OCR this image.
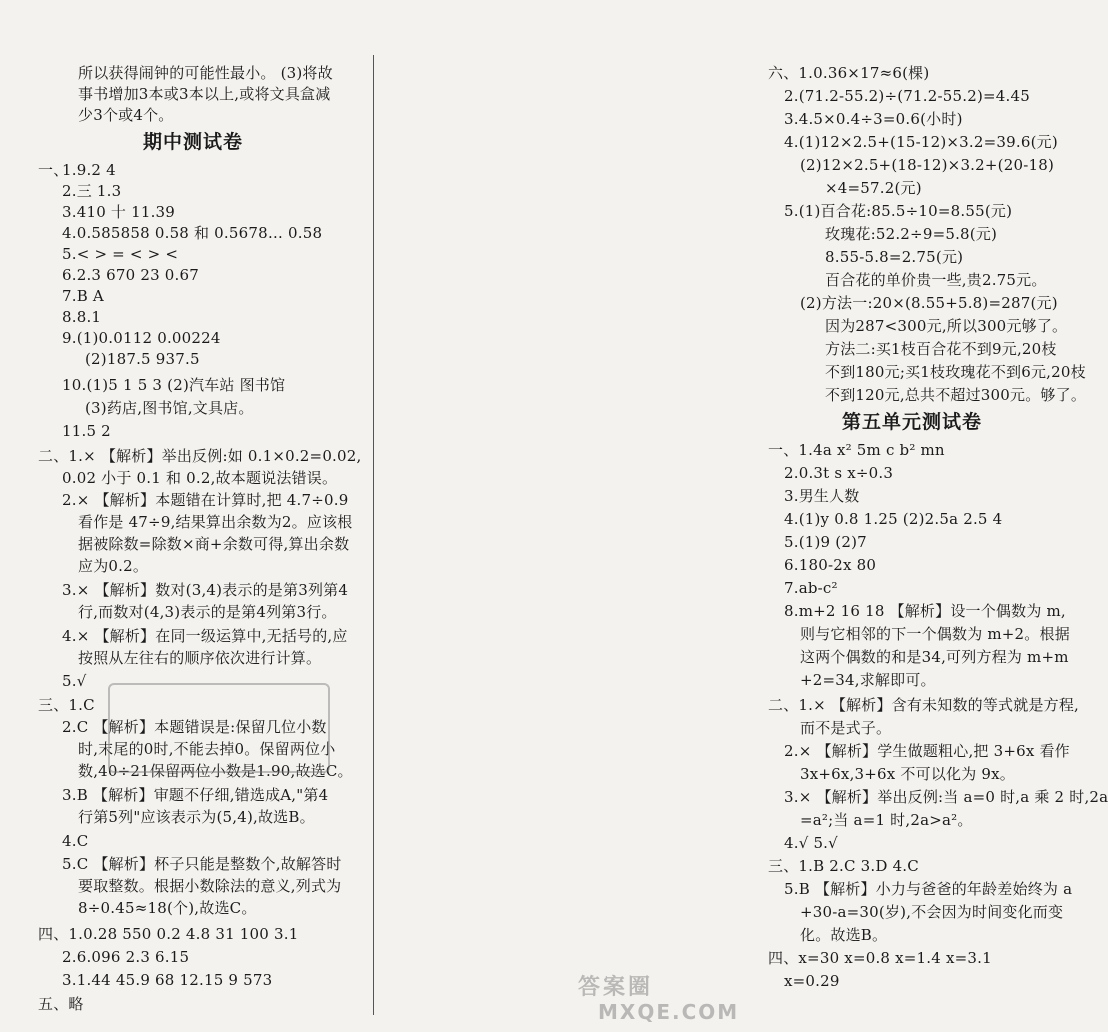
所以获得闹钟的可能性最小。 (3)将故
事书增加3本或3本以上,或将文具盒减
少3个或4个。
期中测试卷
一、
1.9.2 4
2.三 1.3
3.410 十 11.39
4.0.585858 0.58 和 0.5678… 0.58
5.< > = < > <
6.2.3 670 23 0.67
7.B A
8.8.1
9.(1)0.0112 0.00224
(2)187.5 937.5
10.(1)5 1 5 3 (2)汽车站 图书馆
(3)药店,图书馆,文具店。
11.5 2
二、1.× 【解析】举出反例:如 0.1×0.2=0.02,
0.02 小于 0.1 和 0.2,故本题说法错误。
2.× 【解析】本题错在计算时,把 4.7÷0.9
看作是 47÷9,结果算出余数为2。应该根
据被除数=除数×商+余数可得,算出余数
应为0.2。
3.× 【解析】数对(3,4)表示的是第3列第4
行,而数对(4,3)表示的是第4列第3行。
4.× 【解析】在同一级运算中,无括号的,应
按照从左往右的顺序依次进行计算。
5.√
三、1.C
2.C 【解析】本题错误是:保留几位小数
时,末尾的0时,不能去掉0。保留两位小
数,40÷21保留两位小数是1.90,故选C。
3.B 【解析】审题不仔细,错选成A,"第4
行第5列"应该表示为(5,4),故选B。
4.C
5.C 【解析】杯子只能是整数个,故解答时
要取整数。根据小数除法的意义,列式为
8÷0.45≈18(个),故选C。
四、1.0.28 550 0.2 4.8 31 100 3.1
2.6.096 2.3 6.15
3.1.44 45.9 68 12.15 9 573
五、略
六、1.0.36×17≈6(棵)
2.(71.2-55.2)÷(71.2-55.2)=4.45
3.4.5×0.4÷3=0.6(小时)
4.(1)12×2.5+(15-12)×3.2=39.6(元)
(2)12×2.5+(18-12)×3.2+(20-18)
×4=57.2(元)
5.(1)百合花:85.5÷10=8.55(元)
玫瑰花:52.2÷9=5.8(元)
8.55-5.8=2.75(元)
百合花的单价贵一些,贵2.75元。
(2)方法一:20×(8.55+5.8)=287(元)
因为287<300元,所以300元够了。
方法二:买1枝百合花不到9元,20枝
不到180元;买1枝玫瑰花不到6元,20枝
不到120元,总共不超过300元。够了。
第五单元测试卷
一、1.4a x² 5m c b² mn
2.0.3t s x÷0.3
3.男生人数
4.(1)y 0.8 1.25 (2)2.5a 2.5 4
5.(1)9 (2)7
6.180-2x 80
7.ab-c²
8.m+2 16 18 【解析】设一个偶数为 m,
则与它相邻的下一个偶数为 m+2。根据
这两个偶数的和是34,可列方程为 m+m
+2=34,求解即可。
二、1.× 【解析】含有未知数的等式就是方程,
而不是式子。
2.× 【解析】学生做题粗心,把 3+6x 看作
3x+6x,3+6x 不可以化为 9x。
3.× 【解析】举出反例:当 a=0 时,a 乘 2 时,2a
=a²;当 a=1 时,2a>a²。
4.√ 5.√
三、1.B 2.C 3.D 4.C
5.B 【解析】小力与爸爸的年龄差始终为 a
+30-a=30(岁),不会因为时间变化而变
化。故选B。
四、x=30 x=0.8 x=1.4 x=3.1
x=0.29
答案圈
MXQE.COM
